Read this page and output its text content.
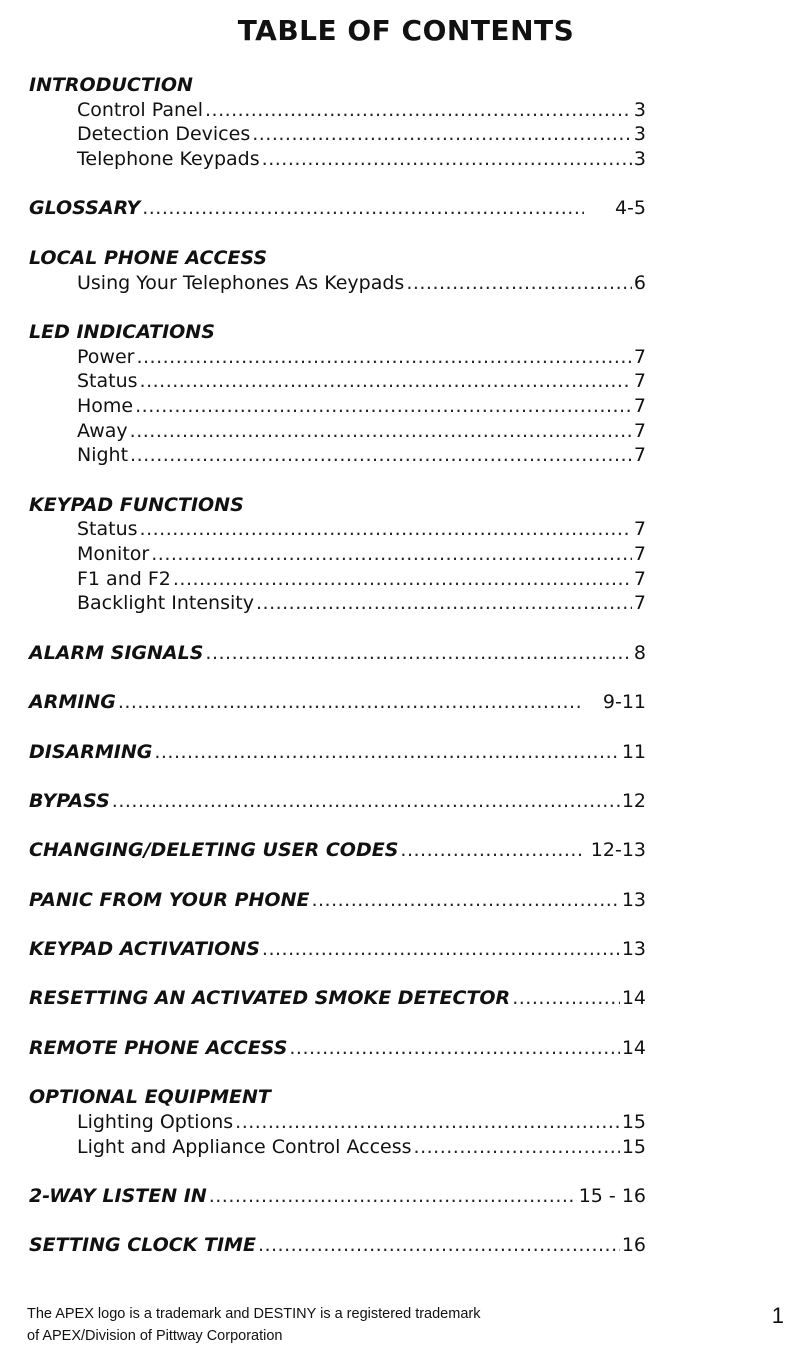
TABLE OF CONTENTS
INTRODUCTION
Control Panel .....	3
Detection Devices .....	3
Telephone Keypads .....	3
GLOSSARY .....	4-5
LOCAL PHONE ACCESS
Using Your Telephones As Keypads .....	6
LED INDICATIONS
Power .....	7
Status .....	7
Home .....	7
Away .....	7
Night .....	7
KEYPAD FUNCTIONS
Status .....	7
Monitor .....	7
F1 and F2 .....	7
Backlight Intensity .....	7
ALARM SIGNALS .....	8
ARMING .....	9-11
DISARMING .....	11
BYPASS .....	12
CHANGING/DELETING USER CODES .....	12-13
PANIC FROM YOUR PHONE .....	13
KEYPAD ACTIVATIONS .....	13
RESETTING AN ACTIVATED SMOKE DETECTOR .....	14
REMOTE PHONE ACCESS .....	14
OPTIONAL EQUIPMENT
Lighting Options .....	15
Light and Appliance Control Access .....	15
2-WAY LISTEN IN .....	15 - 16
SETTING CLOCK TIME .....	16
The APEX logo is a trademark and DESTINY is a registered trademark
of APEX/Division of Pittway Corporation
1
